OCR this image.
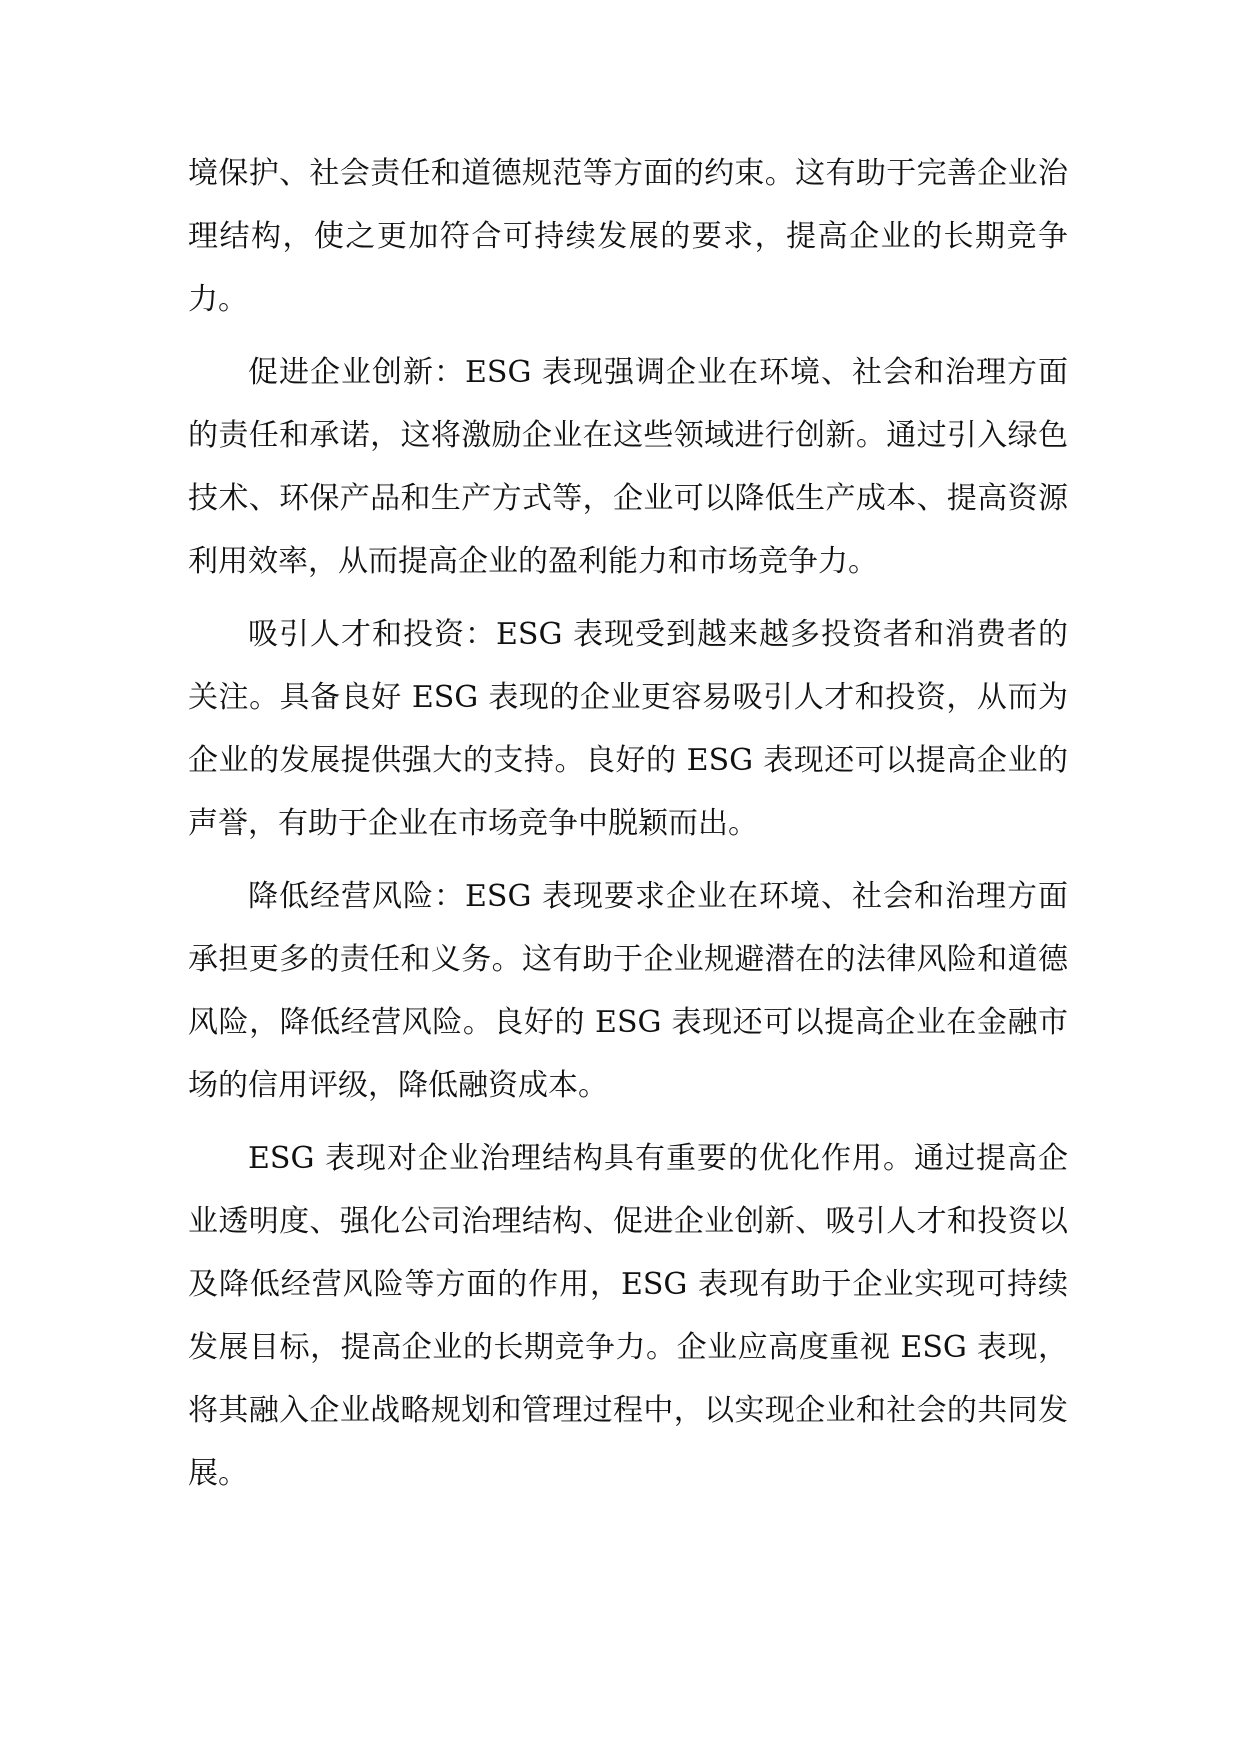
境保护、社会责任和道德规范等方面的约束。这有助于完善企业治理结构，使之更加符合可持续发展的要求，提高企业的长期竞争力。

促进企业创新：ESG 表现强调企业在环境、社会和治理方面的责任和承诺，这将激励企业在这些领域进行创新。通过引入绿色技术、环保产品和生产方式等，企业可以降低生产成本、提高资源利用效率，从而提高企业的盈利能力和市场竞争力。

吸引人才和投资：ESG 表现受到越来越多投资者和消费者的关注。具备良好 ESG 表现的企业更容易吸引人才和投资，从而为企业的发展提供强大的支持。良好的 ESG 表现还可以提高企业的声誉，有助于企业在市场竞争中脱颖而出。

降低经营风险：ESG 表现要求企业在环境、社会和治理方面承担更多的责任和义务。这有助于企业规避潜在的法律风险和道德风险，降低经营风险。良好的 ESG 表现还可以提高企业在金融市场的信用评级，降低融资成本。

ESG 表现对企业治理结构具有重要的优化作用。通过提高企业透明度、强化公司治理结构、促进企业创新、吸引人才和投资以及降低经营风险等方面的作用，ESG 表现有助于企业实现可持续发展目标，提高企业的长期竞争力。企业应高度重视 ESG 表现，将其融入企业战略规划和管理过程中，以实现企业和社会的共同发展。
